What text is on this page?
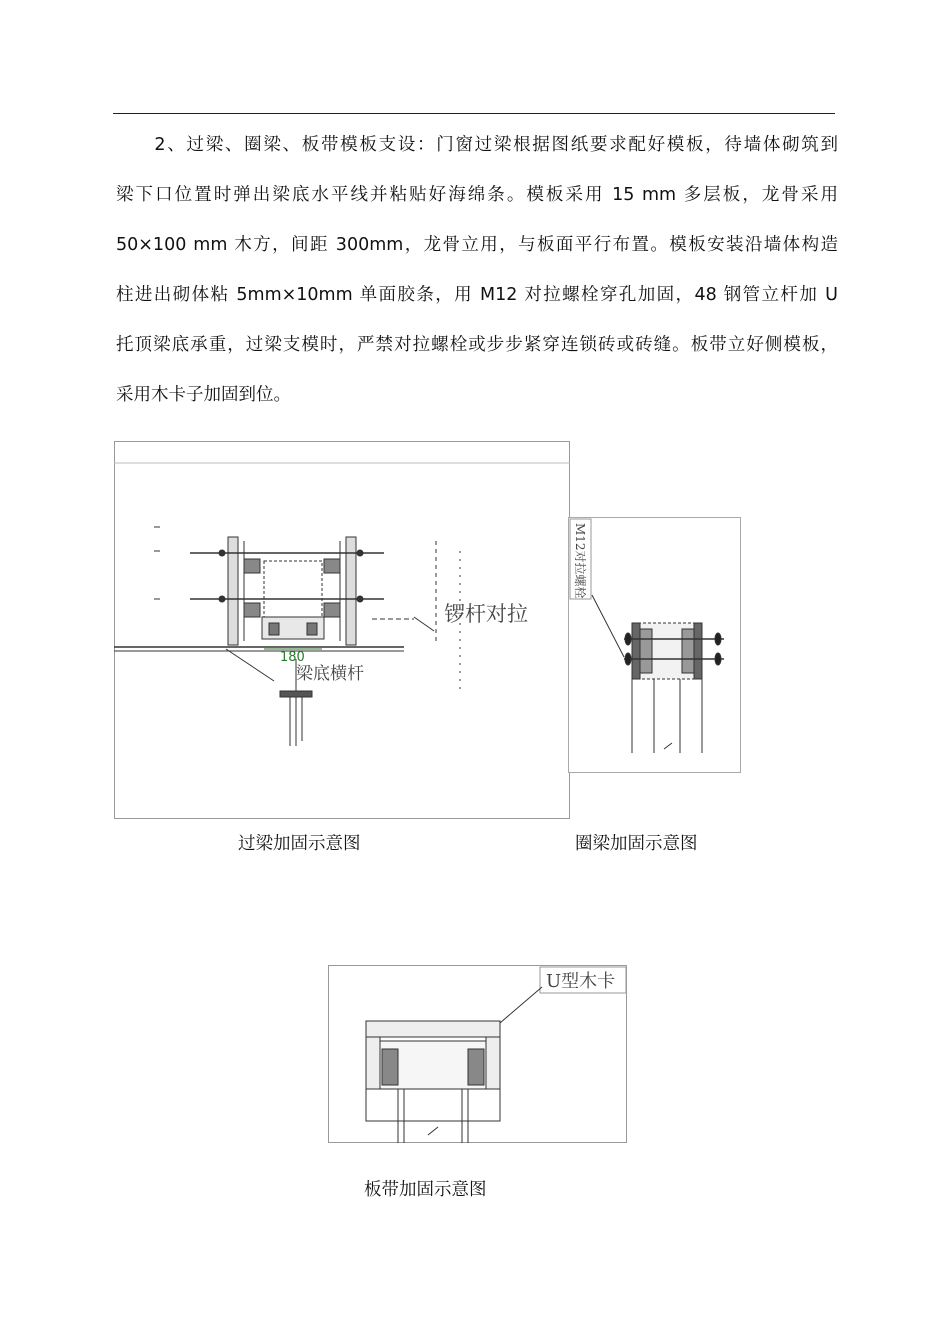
　　2、过梁、圈梁、板带模板支设：门窗过梁根据图纸要求配好模板，待墙体砌筑到
梁下口位置时弹出梁底水平线并粘贴好海绵条。模板采用 15 mm 多层板，龙骨采用
50×100 mm 木方，间距 300mm，龙骨立用，与板面平行布置。模板安装沿墙体构造
柱进出砌体粘 5mm×10mm 单面胶条，用 M12 对拉螺栓穿孔加固，48 钢管立杆加 U
托顶梁底承重，过梁支模时，严禁对拉螺栓或步步紧穿连锁砖或砖缝。板带立好侧模板，
采用木卡子加固到位。
锣杆对拉
180
梁底横杆
M12对拉螺栓
U型木卡
过梁加固示意图	圈梁加固示意图
板带加固示意图
